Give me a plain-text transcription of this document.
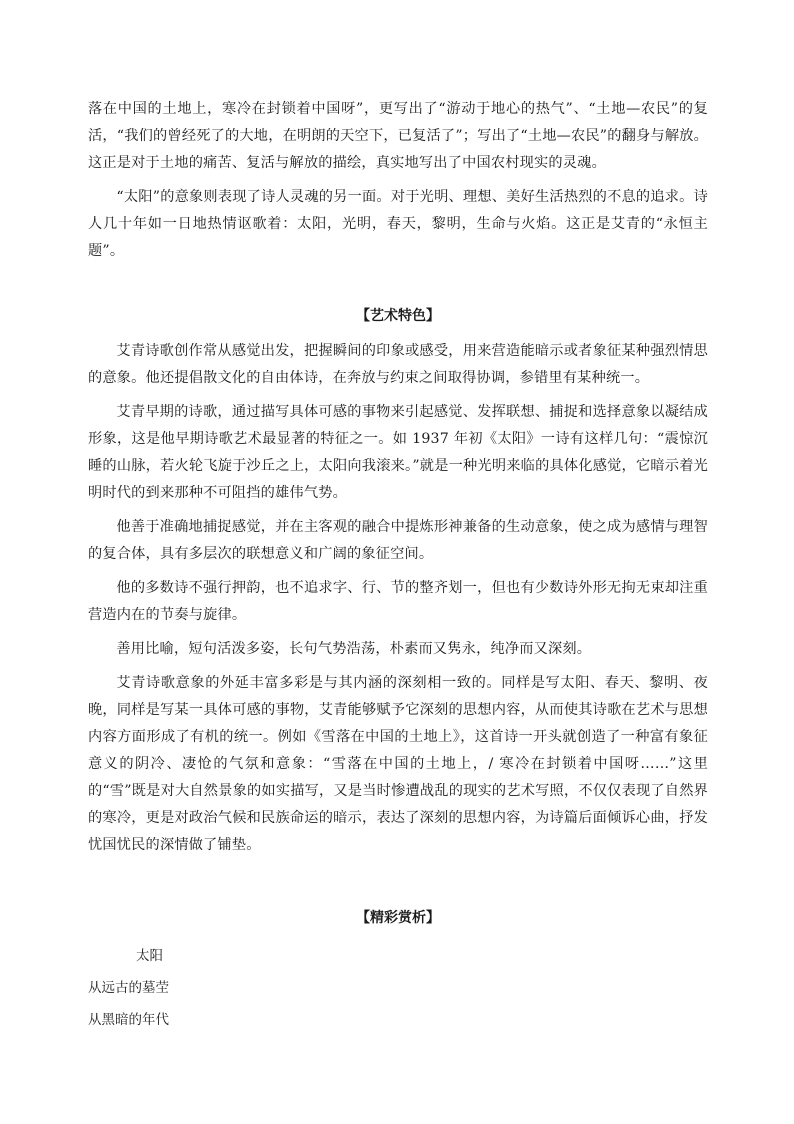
落在中国的土地上，寒冷在封锁着中国呀”，更写出了“游动于地心的热气”、“土地—农民”的复活，“我们的曾经死了的大地，在明朗的天空下，已复活了”；写出了“土地—农民”的翻身与解放。这正是对于土地的痛苦、复活与解放的描绘，真实地写出了中国农村现实的灵魂。

“太阳”的意象则表现了诗人灵魂的另一面。对于光明、理想、美好生活热烈的不息的追求。诗人几十年如一日地热情讴歌着：太阳，光明，春天，黎明，生命与火焰。这正是艾青的“永恒主题”。

【艺术特色】

艾青诗歌创作常从感觉出发，把握瞬间的印象或感受，用来营造能暗示或者象征某种强烈情思的意象。他还提倡散文化的自由体诗，在奔放与约束之间取得协调，参错里有某种统一。

艾青早期的诗歌，通过描写具体可感的事物来引起感觉、发挥联想、捕捉和选择意象以凝结成形象，这是他早期诗歌艺术最显著的特征之一。如 1937 年初《太阳》一诗有这样几句：“震惊沉睡的山脉，若火轮飞旋于沙丘之上，太阳向我滚来。”就是一种光明来临的具体化感觉，它暗示着光明时代的到来那种不可阻挡的雄伟气势。

他善于准确地捕捉感觉，并在主客观的融合中提炼形神兼备的生动意象，使之成为感情与理智的复合体，具有多层次的联想意义和广阔的象征空间。

他的多数诗不强行押韵，也不追求字、行、节的整齐划一，但也有少数诗外形无拘无束却注重营造内在的节奏与旋律。

善用比喻，短句活泼多姿，长句气势浩荡，朴素而又隽永，纯净而又深刻。

艾青诗歌意象的外延丰富多彩是与其内涵的深刻相一致的。同样是写太阳、春天、黎明、夜晚，同样是写某一具体可感的事物，艾青能够赋予它深刻的思想内容，从而使其诗歌在艺术与思想内容方面形成了有机的统一。例如《雪落在中国的土地上》，这首诗一开头就创造了一种富有象征意义的阴冷、凄怆的气氛和意象：“雪落在中国的土地上，/ 寒冷在封锁着中国呀……”这里的“雪”既是对大自然景象的如实描写，又是当时惨遭战乱的现实的艺术写照，不仅仅表现了自然界的寒冷，更是对政治气候和民族命运的暗示，表达了深刻的思想内容，为诗篇后面倾诉心曲，抒发忧国忧民的深情做了铺垫。

【精彩赏析】

太阳

从远古的墓茔

从黑暗的年代
